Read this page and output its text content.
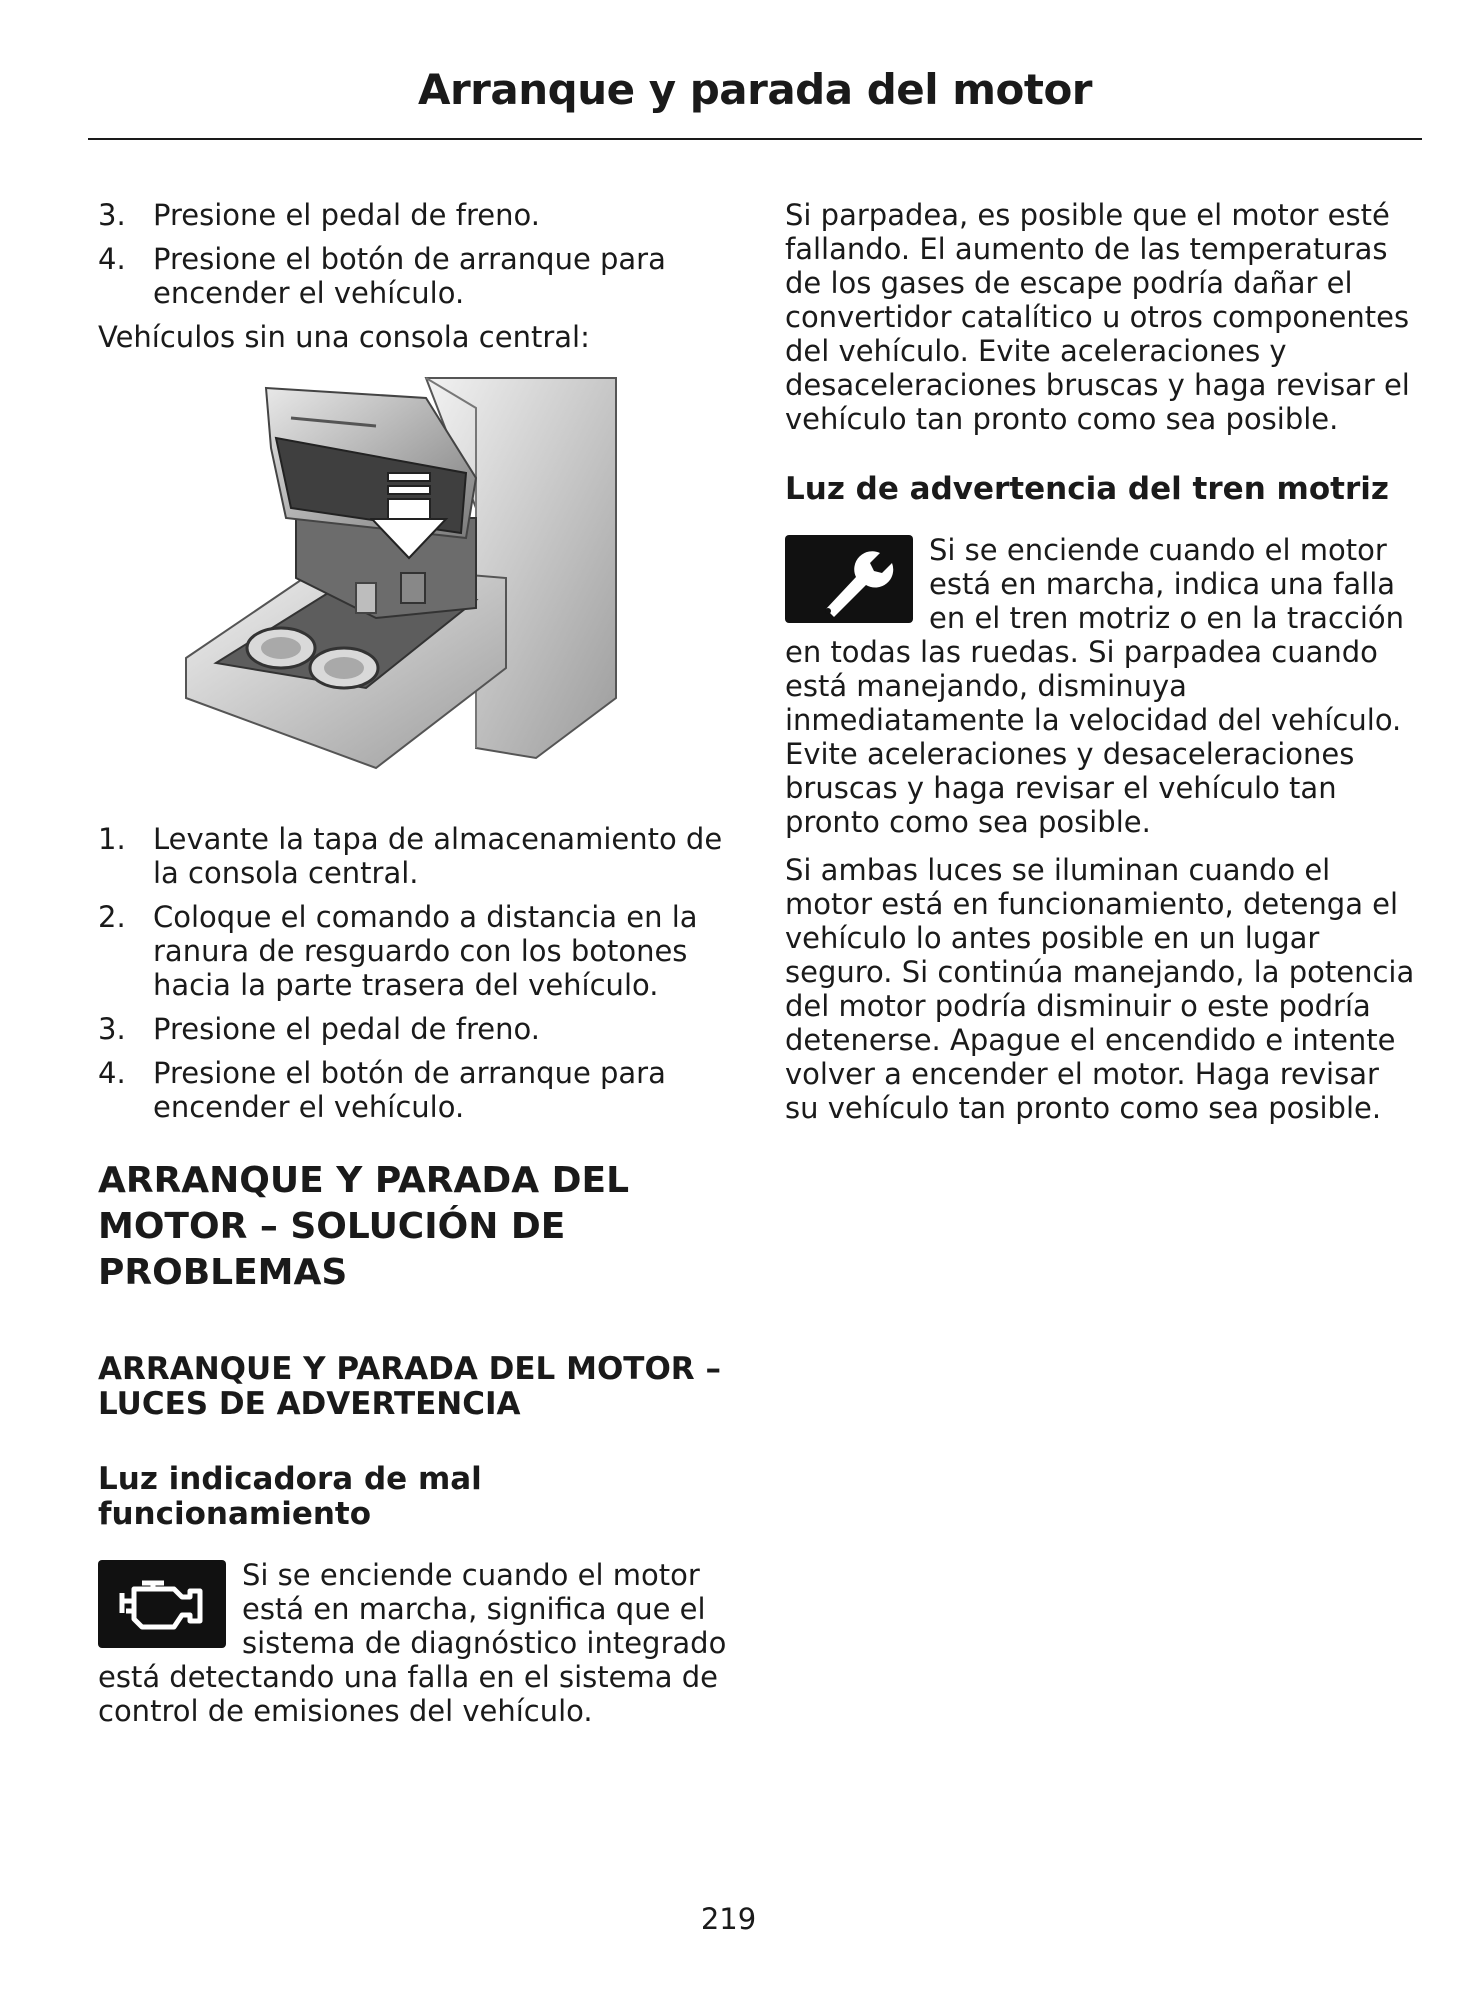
Arranque y parada del motor
3. Presione el pedal de freno.
4. Presione el botón de arranque para encender el vehículo.

Vehículos sin una consola central:

1. Levante la tapa de almacenamiento de la consola central.
2. Coloque el comando a distancia en la ranura de resguardo con los botones hacia la parte trasera del vehículo.
3. Presione el pedal de freno.
4. Presione el botón de arranque para encender el vehículo.
ARRANQUE Y PARADA DEL MOTOR – SOLUCIÓN DE PROBLEMAS
ARRANQUE Y PARADA DEL MOTOR – LUCES DE ADVERTENCIA
Luz indicadora de mal funcionamiento

Si se enciende cuando el motor está en marcha, significa que el sistema de diagnóstico integrado está detectando una falla en el sistema de control de emisiones del vehículo.

Si parpadea, es posible que el motor esté fallando. El aumento de las temperaturas de los gases de escape podría dañar el convertidor catalítico u otros componentes del vehículo. Evite aceleraciones y desaceleraciones bruscas y haga revisar el vehículo tan pronto como sea posible.

Luz de advertencia del tren motriz

Si se enciende cuando el motor está en marcha, indica una falla en el tren motriz o en la tracción en todas las ruedas. Si parpadea cuando está manejando, disminuya inmediatamente la velocidad del vehículo. Evite aceleraciones y desaceleraciones bruscas y haga revisar el vehículo tan pronto como sea posible.

Si ambas luces se iluminan cuando el motor está en funcionamiento, detenga el vehículo lo antes posible en un lugar seguro. Si continúa manejando, la potencia del motor podría disminuir o este podría detenerse. Apague el encendido e intente volver a encender el motor. Haga revisar su vehículo tan pronto como sea posible.

219
